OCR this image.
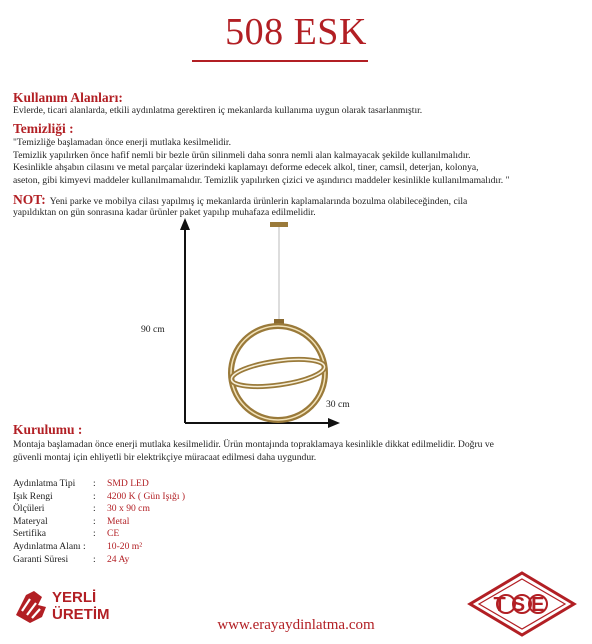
508 ESK
Kullanım Alanları:
Evlerde, ticari alanlarda, etkili aydınlatma gerektiren iç mekanlarda kullanıma uygun olarak tasarlanmıştır.
Temizliği :
"Temizliğe başlamadan önce enerji mutlaka kesilmelidir.
Temizlik yapılırken önce hafif nemli bir bezle ürün silinmeli daha sonra nemli alan kalmayacak şekilde kullanılmalıdır.
Kesinlikle ahşabın cilasını ve metal parçalar üzerindeki kaplamayı deforme edecek alkol, tiner, camsil, deterjan, kolonya,
aseton, gibi kimyevi maddeler kullanılmamalıdır. Temizlik yapılırken çizici ve aşındırıcı maddeler kesinlikle kullanılmamalıdır. "
NOT: Yeni parke ve mobilya cilası yapılmış iç mekanlarda ürünlerin kaplamalarında bozulma olabileceğinden, cila
yapıldıktan on gün sonrasına kadar ürünler paket yapılıp muhafaza edilmelidir.
90 cm
30 cm
Kurulumu :
Montaja başlamadan önce enerji mutlaka kesilmelidir. Ürün montajında topraklamaya kesinlikle dikkat edilmelidir. Doğru ve
güvenli montaj için ehliyetli bir elektrikçiye müracaat edilmesi daha uygundur.
Aydınlatma Tipi	:	SMD LED
Işık Rengi	:	4200 K ( Gün Işığı )
Ölçüleri	:	30 x 90 cm
Materyal	:	Metal
Sertifika	:	CE
Aydınlatma Alanı :	10-20 m²
Garanti Süresi	:	24 Ay
YERLİ
ÜRETİM
www.erayaydinlatma.com
TSE
